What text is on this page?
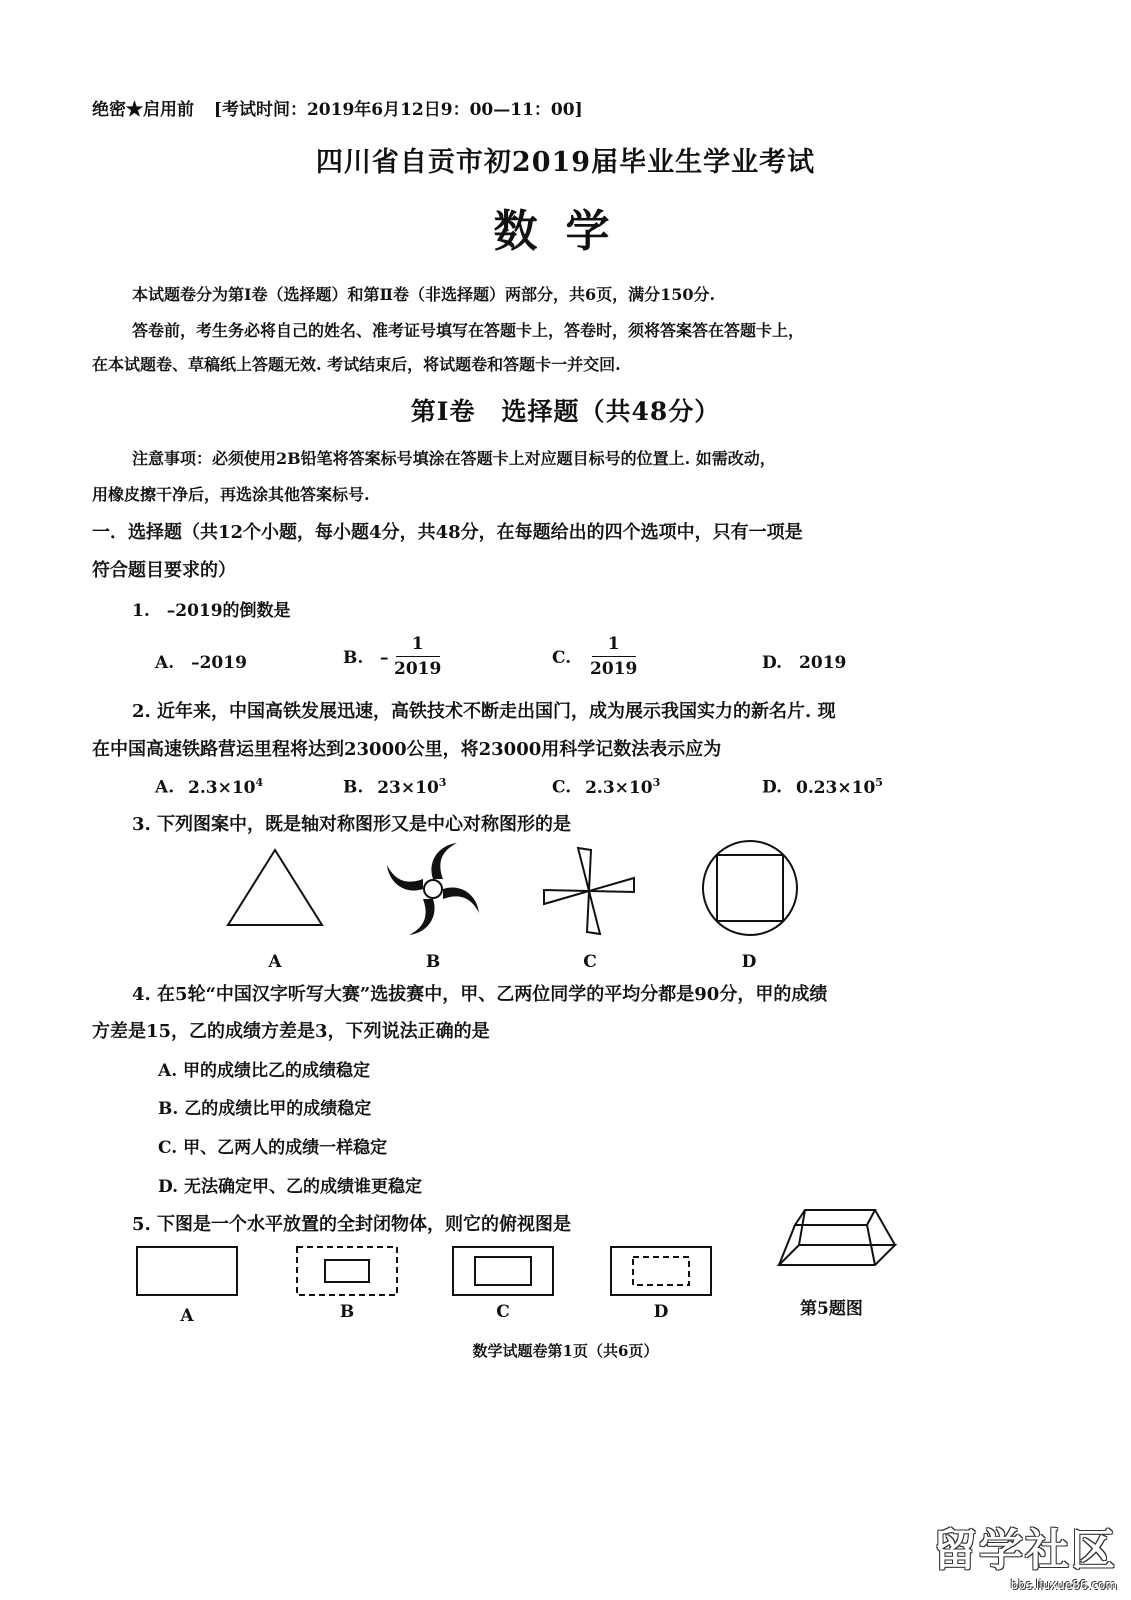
绝密★启用前 [考试时间：2019年6月12日9：00—11：00]
四川省自贡市初2019届毕业生学业考试
数学
本试题卷分为第Ⅰ卷（选择题）和第Ⅱ卷（非选择题）两部分，共6页，满分150分.
答卷前，考生务必将自己的姓名、准考证号填写在答题卡上，答卷时，须将答案答在答题卡上，
在本试题卷、草稿纸上答题无效. 考试结束后，将试题卷和答题卡一并交回.
第Ⅰ卷　选择题（共48分）
注意事项：必须使用2B铅笔将答案标号填涂在答题卡上对应题目标号的位置上. 如需改动，
用橡皮擦干净后，再选涂其他答案标号.
一．选择题（共12个小题，每小题4分，共48分，在每题给出的四个选项中，只有一项是
符合题目要求的）
1.　–2019的倒数是
A.　–2019	B. –
1
2019
C.
1
2019	D.　2019
2. 近年来，中国高铁发展迅速，高铁技术不断走出国门，成为展示我国实力的新名片. 现
在中国高速铁路营运里程将达到23000公里，将23000用科学记数法表示应为
A. $2.3\times 10^4$	B. $23\times 10^3$	C. $2.3\times 10^3$	D. $0.23\times 10^5$
3. 下列图案中，既是轴对称图形又是中心对称图形的是
A	B	C	D
4. 在5轮“中国汉字听写大赛”选拔赛中，甲、乙两位同学的平均分都是90分，甲的成绩
方差是15，乙的成绩方差是3，下列说法正确的是
A. 甲的成绩比乙的成绩稳定
B. 乙的成绩比甲的成绩稳定
C. 甲、乙两人的成绩一样稳定
D. 无法确定甲、乙的成绩谁更稳定
5. 下图是一个水平放置的全封闭物体，则它的俯视图是
A	B	C	D	第5题图
数学试题卷第1页（共6页）
留学社区
bbs.liuxue86.com
